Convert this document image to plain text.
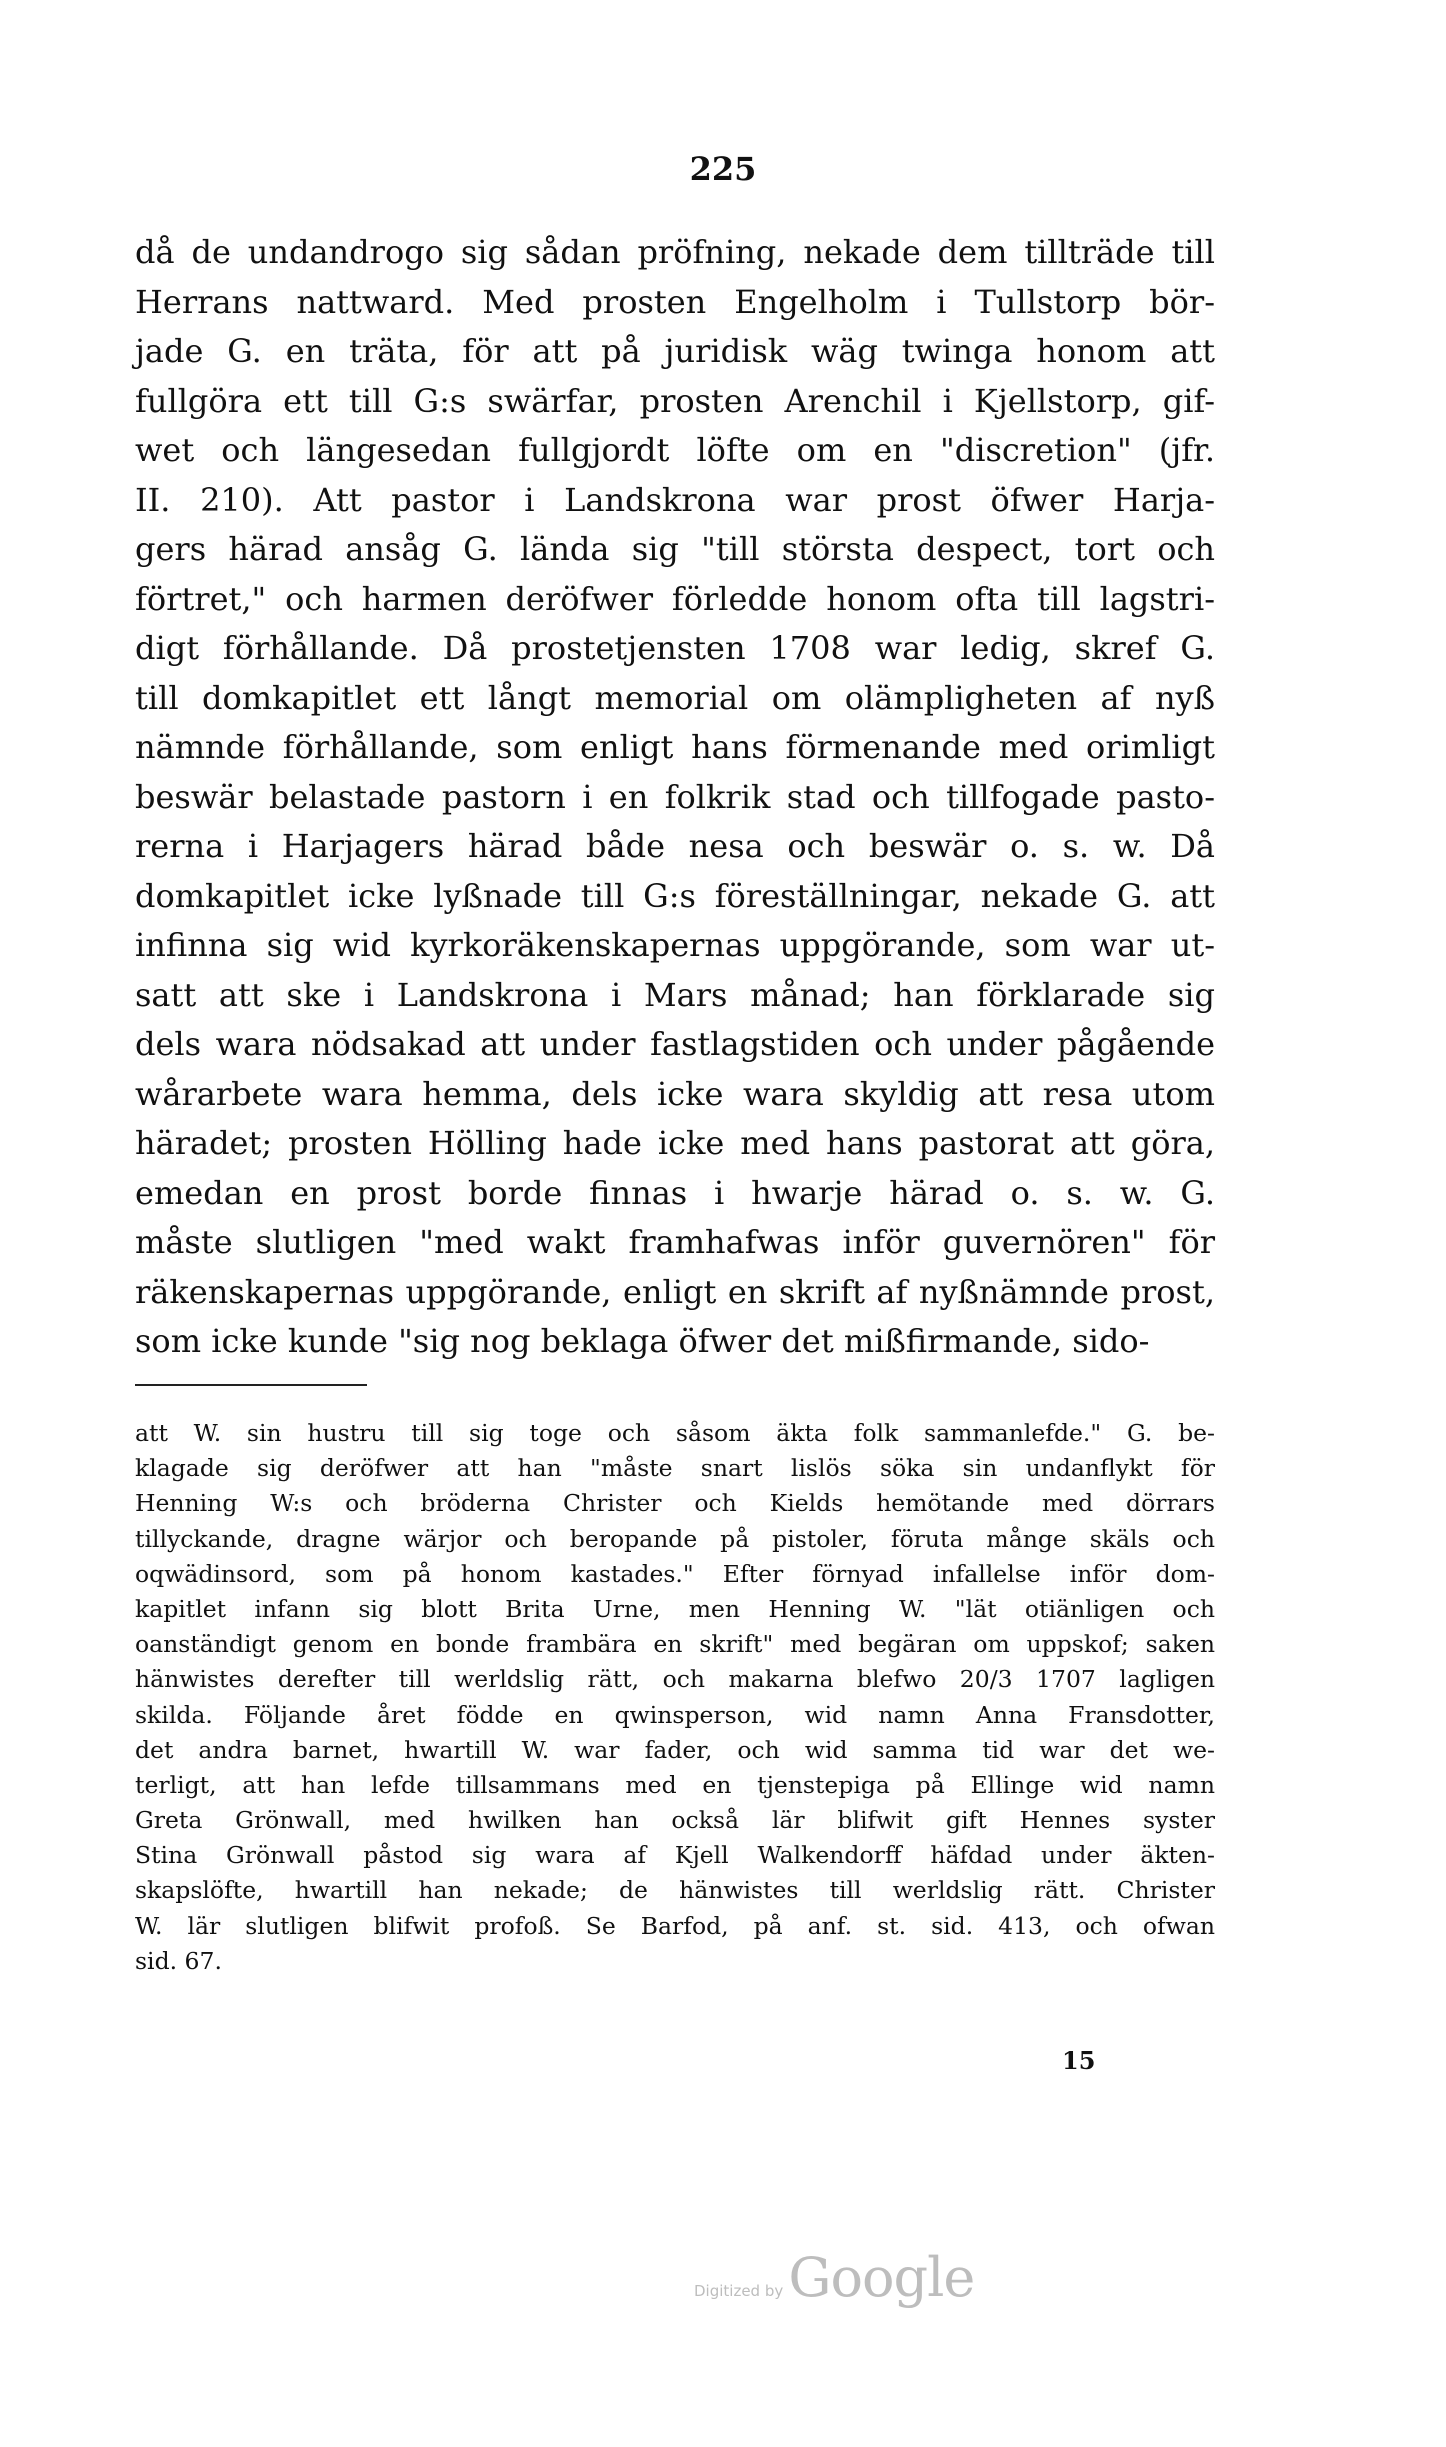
225
då de undandrogo sig sådan pröfning, nekade dem tillträde till
Herrans nattward. Med prosten Engelholm i Tullstorp bör-
jade G. en träta, för att på juridisk wäg twinga honom att
fullgöra ett till G:s swärfar, prosten Arenchil i Kjellstorp, gif-
wet och längesedan fullgjordt löfte om en "discretion" (jfr.
II. 210). Att pastor i Landskrona war prost öfwer Harja-
gers härad ansåg G. lända sig "till största despect, tort och
förtret," och harmen deröfwer förledde honom ofta till lagstri-
digt förhållande. Då prostetjensten 1708 war ledig, skref G.
till domkapitlet ett långt memorial om olämpligheten af nyß
nämnde förhållande, som enligt hans förmenande med orimligt
beswär belastade pastorn i en folkrik stad och tillfogade pasto-
rerna i Harjagers härad både nesa och beswär o. s. w. Då
domkapitlet icke lyßnade till G:s föreställningar, nekade G. att
infinna sig wid kyrkoräkenskapernas uppgörande, som war ut-
satt att ske i Landskrona i Mars månad; han förklarade sig
dels wara nödsakad att under fastlagstiden och under pågående
wårarbete wara hemma, dels icke wara skyldig att resa utom
häradet; prosten Hölling hade icke med hans pastorat att göra,
emedan en prost borde finnas i hwarje härad o. s. w. G.
måste slutligen "med wakt framhafwas inför guvernören" för
räkenskapernas uppgörande, enligt en skrift af nyßnämnde prost,
som icke kunde "sig nog beklaga öfwer det mißfirmande, sido-
att W. sin hustru till sig toge och såsom äkta folk sammanlefde." G. be-
klagade sig deröfwer att han "måste snart lislös söka sin undanflykt för
Henning W:s och bröderna Christer och Kields hemötande med dörrars
tillyckande, dragne wärjor och beropande på pistoler, föruta månge skäls och
oqwädinsord, som på honom kastades." Efter förnyad infallelse inför dom-
kapitlet infann sig blott Brita Urne, men Henning W. "lät otiänligen och
oanständigt genom en bonde frambära en skrift" med begäran om uppskof; saken
hänwistes derefter till werldslig rätt, och makarna blefwo 20/3 1707 lagligen
skilda. Följande året födde en qwinsperson, wid namn Anna Fransdotter,
det andra barnet, hwartill W. war fader, och wid samma tid war det we-
terligt, att han lefde tillsammans med en tjenstepiga på Ellinge wid namn
Greta Grönwall, med hwilken han också lär blifwit gift Hennes syster
Stina Grönwall påstod sig wara af Kjell Walkendorff häfdad under äkten-
skapslöfte, hwartill han nekade; de hänwistes till werldslig rätt. Christer
W. lär slutligen blifwit profoß. Se Barfod, på anf. st. sid. 413, och ofwan
sid. 67.
15
Digitized by Google
